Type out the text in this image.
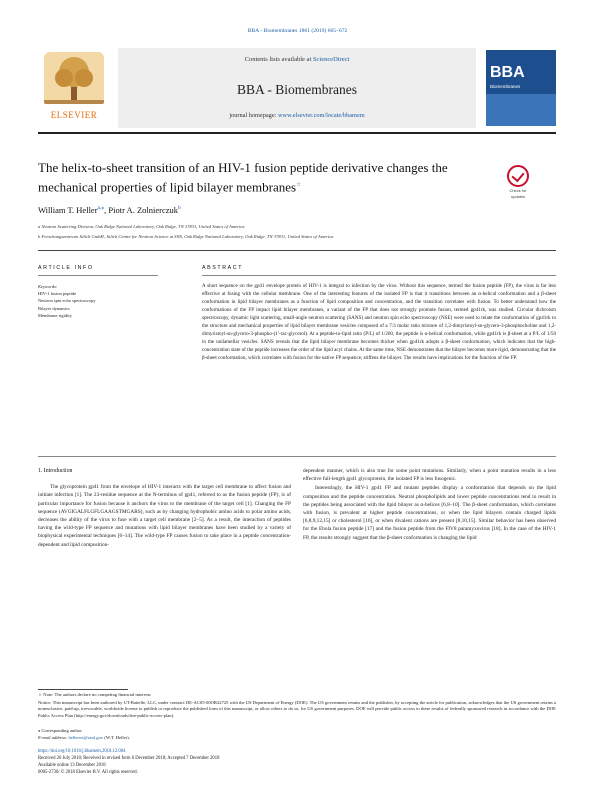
BBA - Biomembranes 1861 (2019) 665–672
ELSEVIER
Contents lists available at ScienceDirect
BBA - Biomembranes
journal homepage: www.elsevier.com/locate/bbamem
BBA
Biomembranes
The helix-to-sheet transition of an HIV-1 fusion peptide derivative changes the mechanical properties of lipid bilayer membranes☆
Check for
updates
William T. Heller$^{a,⁎}$, Piotr A. Zolnierczuk$^b$
a Neutron Scattering Division, Oak Ridge National Laboratory, Oak Ridge, TN 37831, United States of America
b Forschungszentrum Jülich GmbH, Jülich Centre for Neutron Science at SNS, Oak Ridge National Laboratory, Oak Ridge, TN 37831, United States of America
ARTICLE INFO	ABSTRACT
Keywords:
HIV-1 fusion peptide
Neutron spin echo spectroscopy
Bilayer dynamics
Membrane rigidity
A short sequence on the gp41 envelope protein of HIV-1 is integral to infection by the virus. Without this sequence, termed the fusion peptide (FP), the virus is far less effective at fusing with the cellular membrane. One of the interesting features of the isolated FP is that it transitions between an α-helical conformation and a β-sheet conformation in lipid bilayer membranes as a function of lipid composition and concentration, and the transition correlates with fusion. To better understand how the conformations of the FP impact lipid bilayer membranes, a variant of the FP that does not strongly promote fusion, termed gp41rk, was studied. Circular dichroism spectroscopy, dynamic light scattering, small-angle neutron scattering (SANS) and neutron spin echo spectroscopy (NSE) were used to relate the conformation of gp41rk to the structure and mechanical properties of lipid bilayer membrane vesicles composed of a 7:3 molar ratio mixture of 1,2-dimyristoyl-sn-glycero-3-phosphocholine and 1,2-dimyristoyl-sn-glycero-3-phospho-(1′-rac-glycerol). At a peptide-to-lipid ratio (P/L) of 1/200, the peptide is α-helical conformation, while gp41rk is β-sheet at a P/L of 1/50 in the unilamellar vesicles. SANS reveals that the lipid bilayer membrane becomes thicker when gp41rk adopts a β-sheet conformation, which indicates that the high-concentration state of the peptide increases the order of the lipid acyl chains. At the same time, NSE demonstrates that the bilayer becomes more rigid, demonstrating that the β-sheet conformation, which correlates with fusion for the native FP sequence, stiffens the bilayer. The results have implications for the function of the FP.
1. Introduction

The glycoprotein gp41 from the envelope of HIV-1 interacts with the target cell membrane to affect fusion and initiate infection [1]. The 23-residue sequence at the N-terminus of gp41, referred to as the fusion peptide (FP), is of particular importance for fusion because it anchors the virus to the membrane of the target cell [1]. Changing the FP sequence (AVGIGALFLGFLGAAGSTMGARS), such as by changing hydrophobic amino acids to polar amino acids, decreases the ability of the virus to fuse with a target cell membrane [2–5]. As a result, the interaction of peptides having the wild-type FP sequence and mutations with lipid bilayer membranes have been studied by a variety of biophysical experimental techniques [6–14]. The wild-type FP causes fusion to take place in a peptide concentration-dependent and lipid composition-

dependent manner, which is also true for some point mutations. Similarly, when a point mutation results in a less effective full-length gp41 glycoprotein, the isolated FP is less fusogenic.

Interestingly, the HIV-1 gp41 FP and mutant peptides display a conformation that depends on the lipid composition and the peptide concentration. Neutral phospholipids and lower peptide concentrations tend to result in the peptides being associated with the lipid bilayer as α-helices [6,8–10]. The β-sheet conformation, which correlates with fusion, is prevalent at higher peptide concentrations, or when the lipid bilayers contain charged lipids [6,8,9,12,15] or cholesterol [16], or when divalent cations are present [8,10,15]. Similar behavior has been observed for the Ebola fusion peptide [17] and the fusion peptide from the FIV8 paramyxovirus [18]. In the case of the HIV-1 FP, the results strongly suggest that the β-sheet conformation is changing the lipid

☆ Note: The authors declare no competing financial interests
Notice: This manuscript has been authored by UT-Battelle, LLC, under contract DE-AC05-00OR22725 with the US Department of Energy (DOE). The US government retains and the publisher, by accepting the article for publication, acknowledges that the US government retains a nonexclusive, paid-up, irrevocable, worldwide license to publish or reproduce the published form of this manuscript, or allow others to do so, for US government purposes. DOE will provide public access to these results of federally sponsored research in accordance with the DOE Public Access Plan (http://energy.gov/downloads/doe-public-access-plan).
⁎ Corresponding author.
E-mail address: hellerwt@ornl.gov (W.T. Heller).
https://doi.org/10.1016/j.bbamem.2018.12.004
Received 26 July 2018; Received in revised form 6 December 2018; Accepted 7 December 2018
Available online 13 December 2018
0005-2736/ © 2018 Elsevier B.V. All rights reserved.
